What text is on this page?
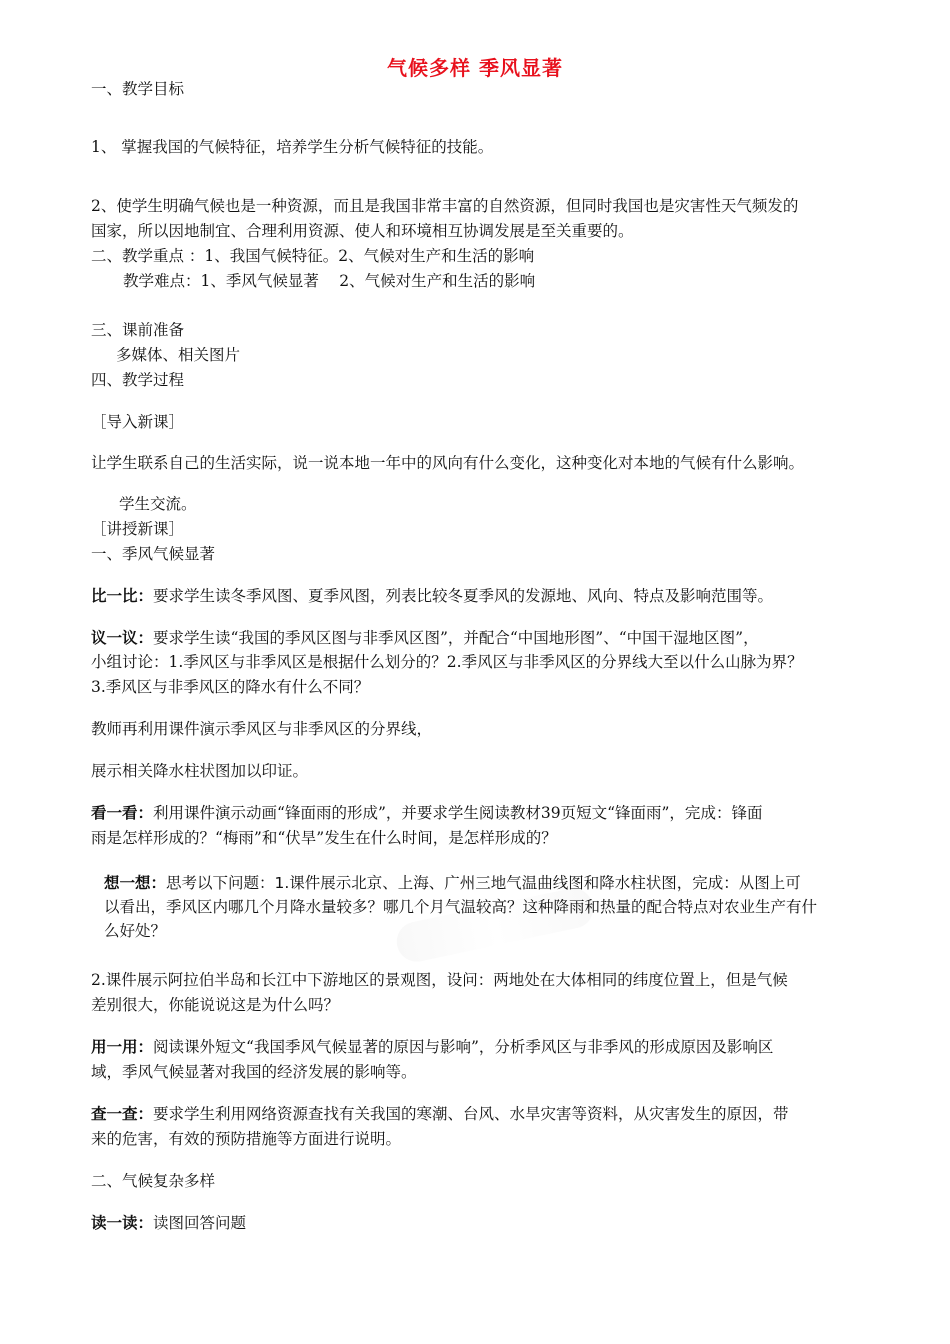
气候多样 季风显著
一、教学目标
1、 掌握我国的气候特征，培养学生分析气候特征的技能。
2、使学生明确气候也是一种资源，而且是我国非常丰富的自然资源，但同时我国也是灾害性天气频发的
国家，所以因地制宜、合理利用资源、使人和环境相互协调发展是至关重要的。
二、教学重点 ：1、我国气候特征。2、气候对生产和生活的影响
教学难点：1、季风气候显著　 2、气候对生产和生活的影响
三、课前准备
多媒体、相关图片
四、教学过程
［导入新课］
让学生联系自己的生活实际，说一说本地一年中的风向有什么变化，这种变化对本地的气候有什么影响。
学生交流。
［讲授新课］
一、季风气候显著
比一比：要求学生读冬季风图、夏季风图，列表比较冬夏季风的发源地、风向、特点及影响范围等。
议一议：要求学生读“我国的季风区图与非季风区图”，并配合“中国地形图”、“中国干湿地区图”，
小组讨论：1.季风区与非季风区是根据什么划分的？2.季风区与非季风区的分界线大至以什么山脉为界？
3.季风区与非季风区的降水有什么不同？
教师再利用课件演示季风区与非季风区的分界线，
展示相关降水柱状图加以印证。
看一看：利用课件演示动画“锋面雨的形成”，并要求学生阅读教材39页短文“锋面雨”，完成：锋面
雨是怎样形成的？“梅雨”和“伏旱”发生在什么时间，是怎样形成的？
想一想：思考以下问题：1.课件展示北京、上海、广州三地气温曲线图和降水柱状图，完成：从图上可
以看出，季风区内哪几个月降水量较多？哪几个月气温较高？这种降雨和热量的配合特点对农业生产有什
么好处？
2.课件展示阿拉伯半岛和长江中下游地区的景观图，设问：两地处在大体相同的纬度位置上，但是气候
差别很大，你能说说这是为什么吗？
用一用：阅读课外短文“我国季风气候显著的原因与影响”，分析季风区与非季风的形成原因及影响区
域，季风气候显著对我国的经济发展的影响等。
查一查：要求学生利用网络资源查找有关我国的寒潮、台风、水旱灾害等资料，从灾害发生的原因，带
来的危害，有效的预防措施等方面进行说明。
二、气候复杂多样
读一读：读图回答问题
